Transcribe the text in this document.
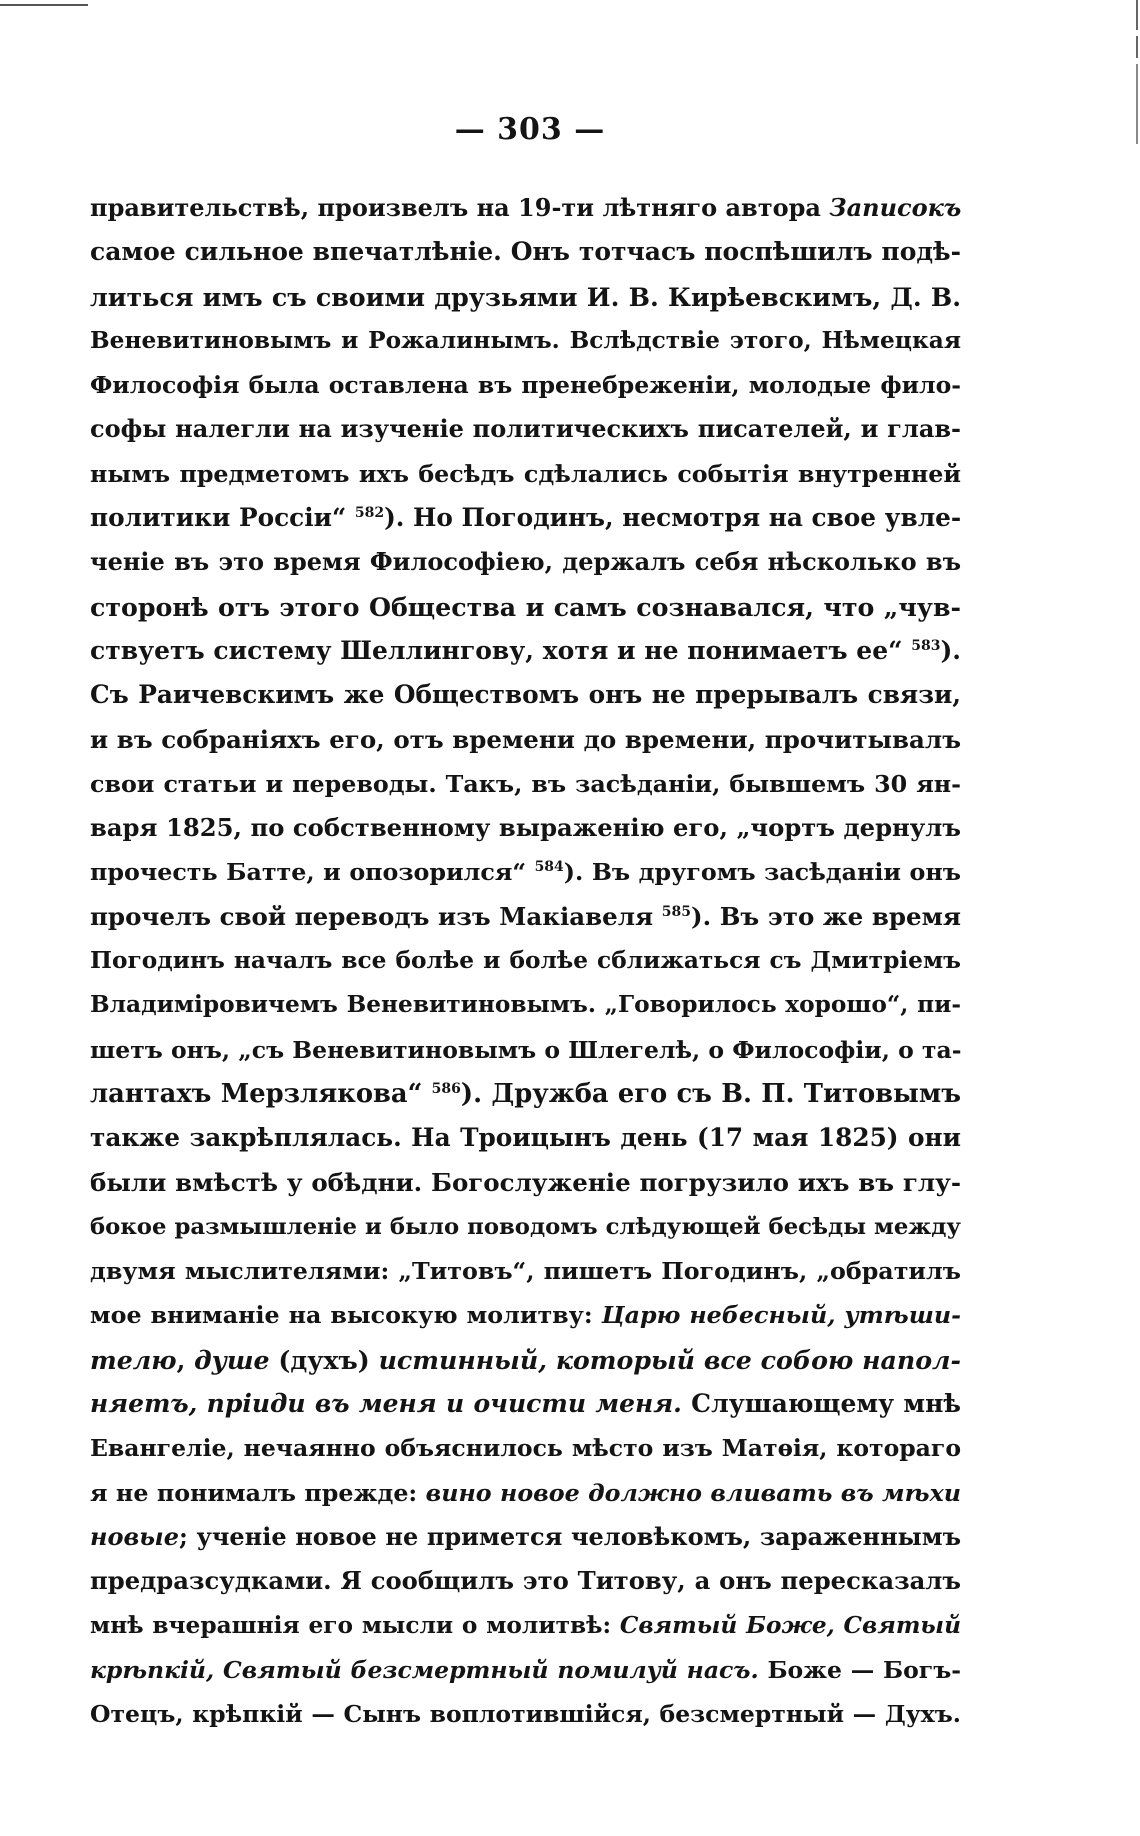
— 303 —
правительствѣ, произвелъ на 19-ти лѣтняго автора Записокъ
самое сильное впечатлѣніе. Онъ тотчасъ поспѣшилъ подѣ-
литься имъ съ своими друзьями И. В. Кирѣевскимъ, Д. В.
Веневитиновымъ и Рожалинымъ. Вслѣдствіе этого, Нѣмецкая
Философія была оставлена въ пренебреженіи, молодые фило-
софы налегли на изученіе политическихъ писателей, и глав-
нымъ предметомъ ихъ бесѣдъ сдѣлались событія внутренней
политики Россіи“ $^{582}$). Но Погодинъ, несмотря на свое увле-
ченіе въ это время Философіею, держалъ себя нѣсколько въ
сторонѣ отъ этого Общества и самъ сознавался, что „чув-
ствуетъ систему Шеллингову, хотя и не понимаетъ ее“ $^{583}$).
Съ Раичевскимъ же Обществомъ онъ не прерывалъ связи,
и въ собраніяхъ его, отъ времени до времени, прочитывалъ
свои статьи и переводы. Такъ, въ засѣданіи, бывшемъ 30 ян-
варя 1825, по собственному выраженію его, „чортъ дернулъ
прочесть Батте, и опозорился“ $^{584}$). Въ другомъ засѣданіи онъ
прочелъ свой переводъ изъ Макіавеля $^{585}$). Въ это же время
Погодинъ началъ все болѣе и болѣе сближаться съ Дмитріемъ
Владиміровичемъ Веневитиновымъ. „Говорилось хорошо“, пи-
шетъ онъ, „съ Веневитиновымъ о Шлегелѣ, о Философіи, о та-
лантахъ Мерзлякова“ $^{586}$). Дружба его съ В. П. Титовымъ
также закрѣплялась. На Троицынъ день (17 мая 1825) они
были вмѣстѣ у обѣдни. Богослуженіе погрузило ихъ въ глу-
бокое размышленіе и было поводомъ слѣдующей бесѣды между
двумя мыслителями: „Титовъ“, пишетъ Погодинъ, „обратилъ
мое вниманіе на высокую молитву: Царю небесный, утѣши-
телю, душе (духъ) истинный, который все собою напол-
няетъ, пріиди въ меня и очисти меня. Слушающему мнѣ
Евангеліе, нечаянно объяснилось мѣсто изъ Матѳія, котораго
я не понималъ прежде: вино новое должно вливать въ мѣхи
новые; ученіе новое не примется человѣкомъ, зараженнымъ
предразсудками. Я сообщилъ это Титову, а онъ пересказалъ
мнѣ вчерашнія его мысли о молитвѣ: Святый Боже, Святый
крѣпкій, Святый безсмертный помилуй насъ. Боже — Богъ-
Отецъ, крѣпкій — Сынъ воплотившійся, безсмертный — Духъ.
